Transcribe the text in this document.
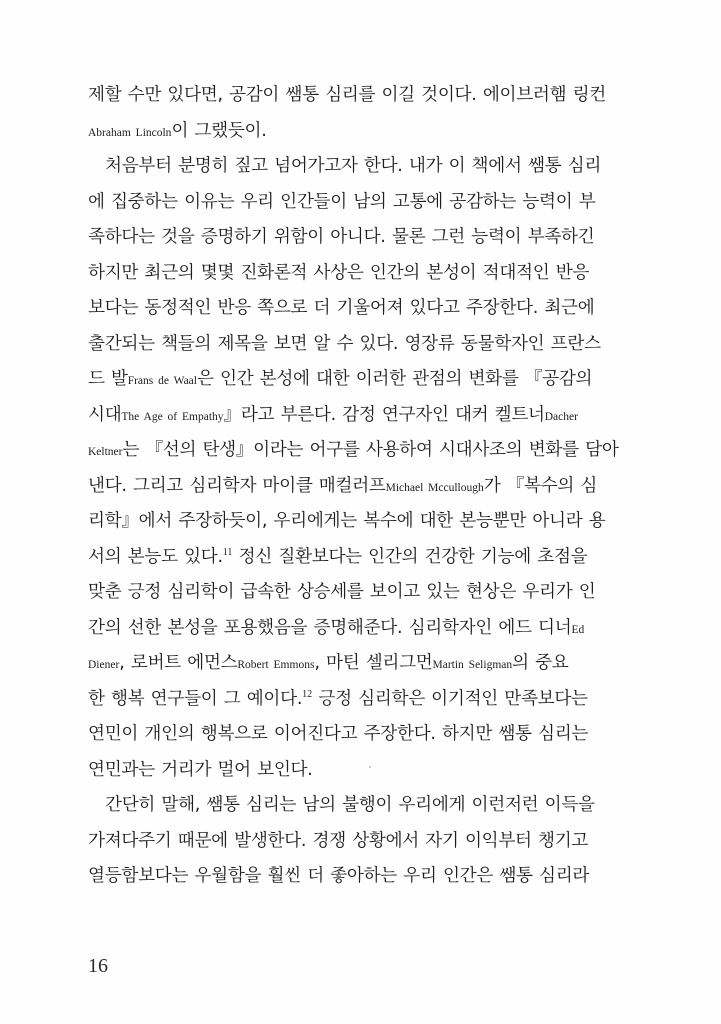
제할 수만 있다면, 공감이 쌤통 심리를 이길 것이다. 에이브러햄 링컨
Abraham Lincoln이 그랬듯이.
처음부터 분명히 짚고 넘어가고자 한다. 내가 이 책에서 쌤통 심리
에 집중하는 이유는 우리 인간들이 남의 고통에 공감하는 능력이 부
족하다는 것을 증명하기 위함이 아니다. 물론 그런 능력이 부족하긴
하지만 최근의 몇몇 진화론적 사상은 인간의 본성이 적대적인 반응
보다는 동정적인 반응 쪽으로 더 기울어져 있다고 주장한다. 최근에
출간되는 책들의 제목을 보면 알 수 있다. 영장류 동물학자인 프란스
드 발Frans de Waal은 인간 본성에 대한 이러한 관점의 변화를 『공감의
시대The Age of Empathy』라고 부른다. 감정 연구자인 대커 켈트너Dacher
Keltner는 『선의 탄생』이라는 어구를 사용하여 시대사조의 변화를 담아
낸다. 그리고 심리학자 마이클 매컬러프Michael Mccullough가 『복수의 심
리학』에서 주장하듯이, 우리에게는 복수에 대한 본능뿐만 아니라 용
서의 본능도 있다.$^{11}$ 정신 질환보다는 인간의 건강한 기능에 초점을
맞춘 긍정 심리학이 급속한 상승세를 보이고 있는 현상은 우리가 인
간의 선한 본성을 포용했음을 증명해준다. 심리학자인 에드 디너Ed
Diener, 로버트 에먼스Robert Emmons, 마틴 셀리그먼Martin Seligman의 중요
한 행복 연구들이 그 예이다.$^{12}$ 긍정 심리학은 이기적인 만족보다는
연민이 개인의 행복으로 이어진다고 주장한다. 하지만 쌤통 심리는
연민과는 거리가 멀어 보인다.
간단히 말해, 쌤통 심리는 남의 불행이 우리에게 이런저런 이득을
가져다주기 때문에 발생한다. 경쟁 상황에서 자기 이익부터 챙기고
열등함보다는 우월함을 훨씬 더 좋아하는 우리 인간은 쌤통 심리라
16
